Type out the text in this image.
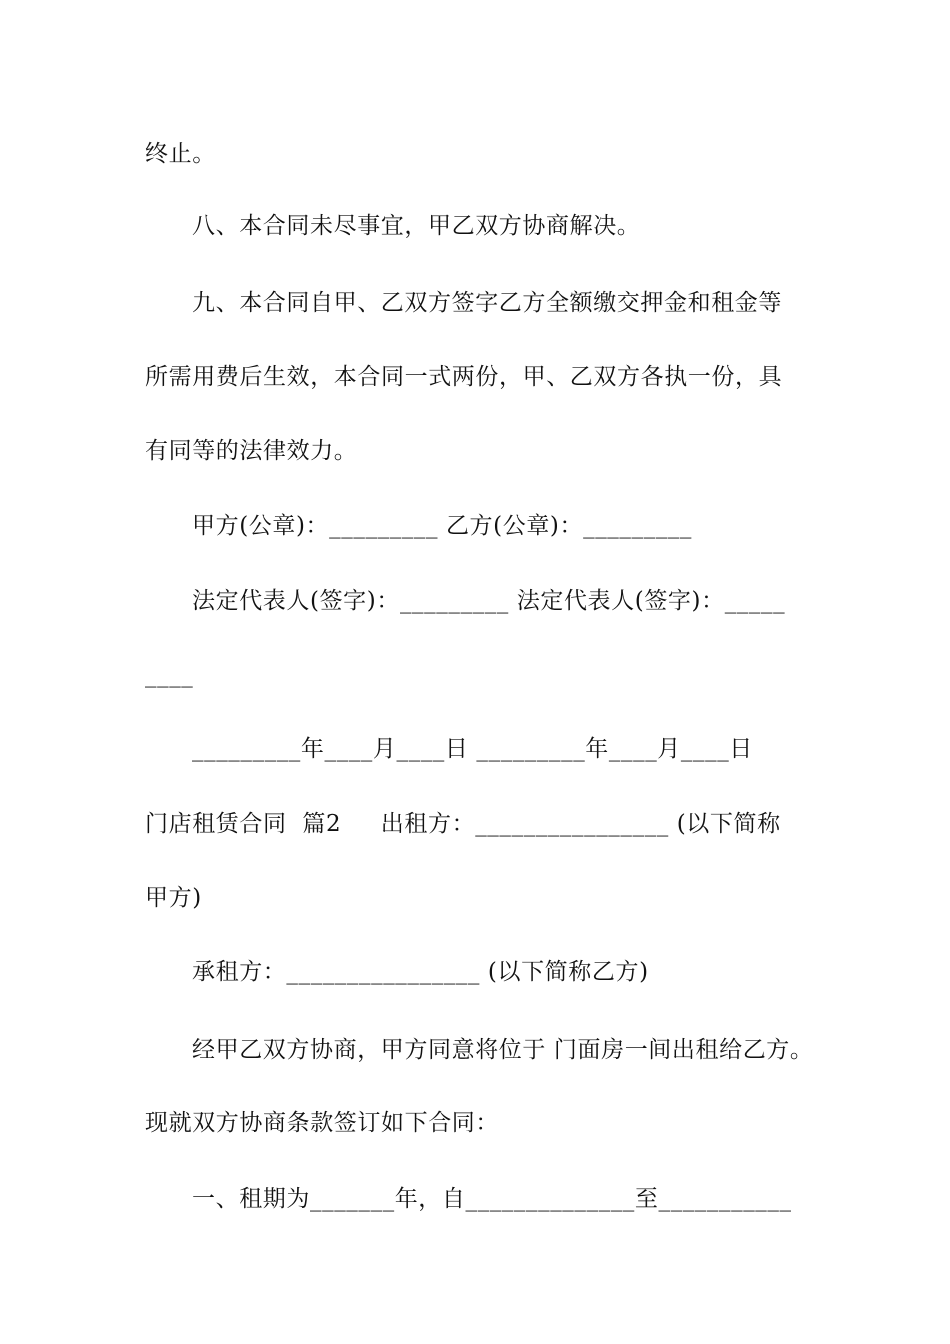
终止。
八、本合同未尽事宜，甲乙双方协商解决。
九、本合同自甲、乙双方签字乙方全额缴交押金和租金等
所需用费后生效，本合同一式两份，甲、乙双方各执一份，具
有同等的法律效力。
甲方(公章)：_________ 乙方(公章)：_________
法定代表人(签字)：_________ 法定代表人(签字)：_____
____
_________年____月____日 _________年____月____日
门店租赁合同  篇2     出租方：________________ (以下简称
甲方)
承租方：________________ (以下简称乙方)
经甲乙双方协商，甲方同意将位于 门面房一间出租给乙方。
现就双方协商条款签订如下合同：
一、租期为_______年，自______________至___________
